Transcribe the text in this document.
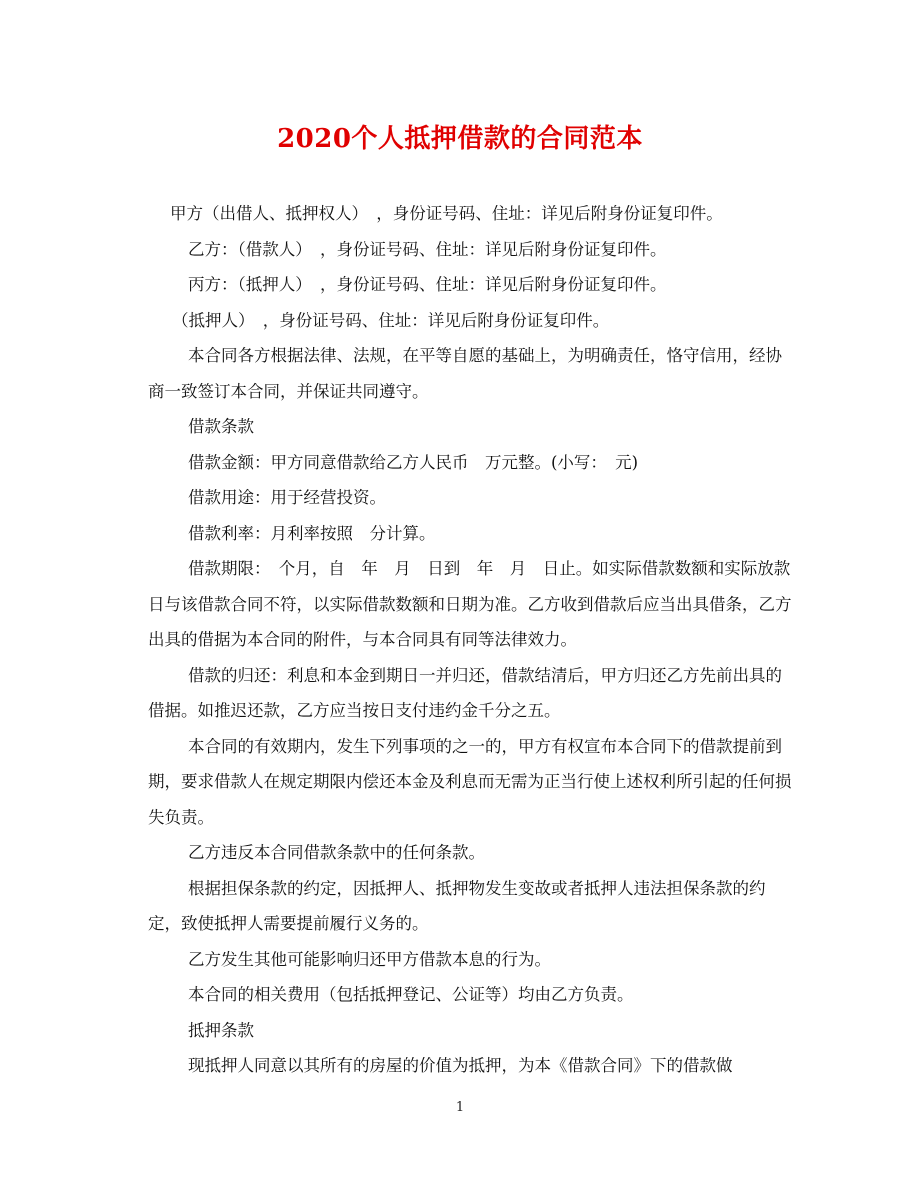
2020个人抵押借款的合同范本

甲方（出借人、抵押权人）　，身份证号码、住址：详见后附身份证复印件。

乙方：（借款人）　，身份证号码、住址：详见后附身份证复印件。

丙方：（抵押人）　，身份证号码、住址：详见后附身份证复印件。

（抵押人）　，身份证号码、住址：详见后附身份证复印件。

本合同各方根据法律、法规，在平等自愿的基础上，为明确责任，恪守信用，经协商一致签订本合同，并保证共同遵守。

借款条款

借款金额：甲方同意借款给乙方人民币　万元整。(小写：　元)

借款用途：用于经营投资。

借款利率：月利率按照　分计算。

借款期限：　个月，自　年　月　日到　年　月　日止。如实际借款数额和实际放款日与该借款合同不符，以实际借款数额和日期为准。乙方收到借款后应当出具借条，乙方出具的借据为本合同的附件，与本合同具有同等法律效力。

借款的归还：利息和本金到期日一并归还，借款结清后，甲方归还乙方先前出具的借据。如推迟还款，乙方应当按日支付违约金千分之五。

本合同的有效期内，发生下列事项的之一的，甲方有权宣布本合同下的借款提前到期，要求借款人在规定期限内偿还本金及利息而无需为正当行使上述权利所引起的任何损失负责。

乙方违反本合同借款条款中的任何条款。

根据担保条款的约定，因抵押人、抵押物发生变故或者抵押人违法担保条款的约定，致使抵押人需要提前履行义务的。

乙方发生其他可能影响归还甲方借款本息的行为。

本合同的相关费用（包括抵押登记、公证等）均由乙方负责。

抵押条款

现抵押人同意以其所有的房屋的价值为抵押，为本《借款合同》下的借款做

1
